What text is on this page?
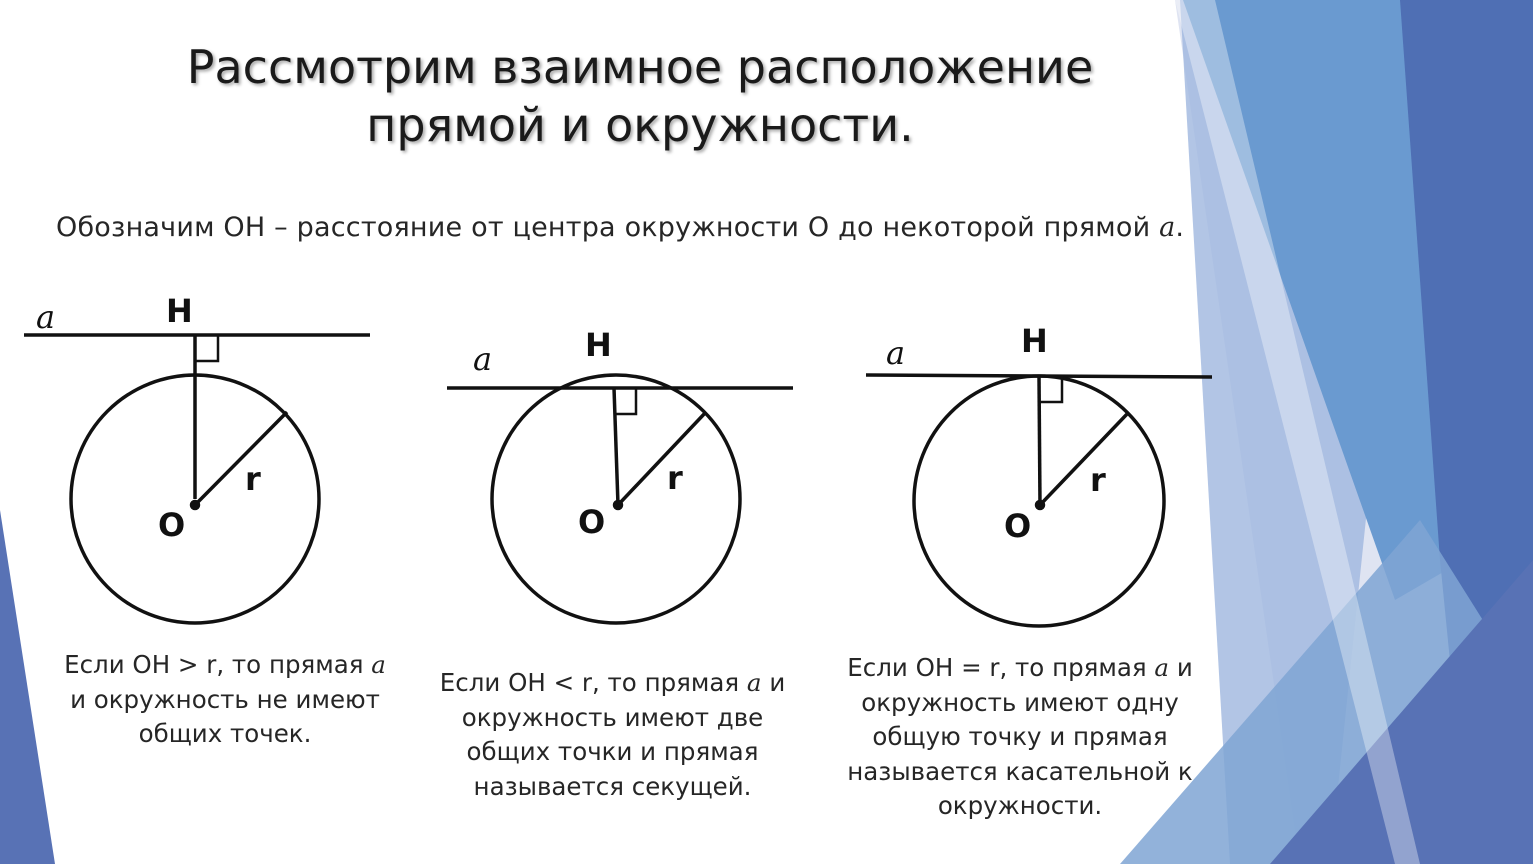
Рассмотрим взаимное расположение
прямой и окружности.
Обозначим ОН – расстояние от центра окружности О до некоторой прямой a.
a	H
O
r
a	H
O
r
a	H
O
r
Если ОН > r, то прямая a и окружность не имеют общих точек.
Если ОН < r, то прямая a и окружность имеют две общих точки и прямая называется секущей.
Если ОН = r, то прямая a и окружность имеют одну общую точку и прямая называется касательной к окружности.
